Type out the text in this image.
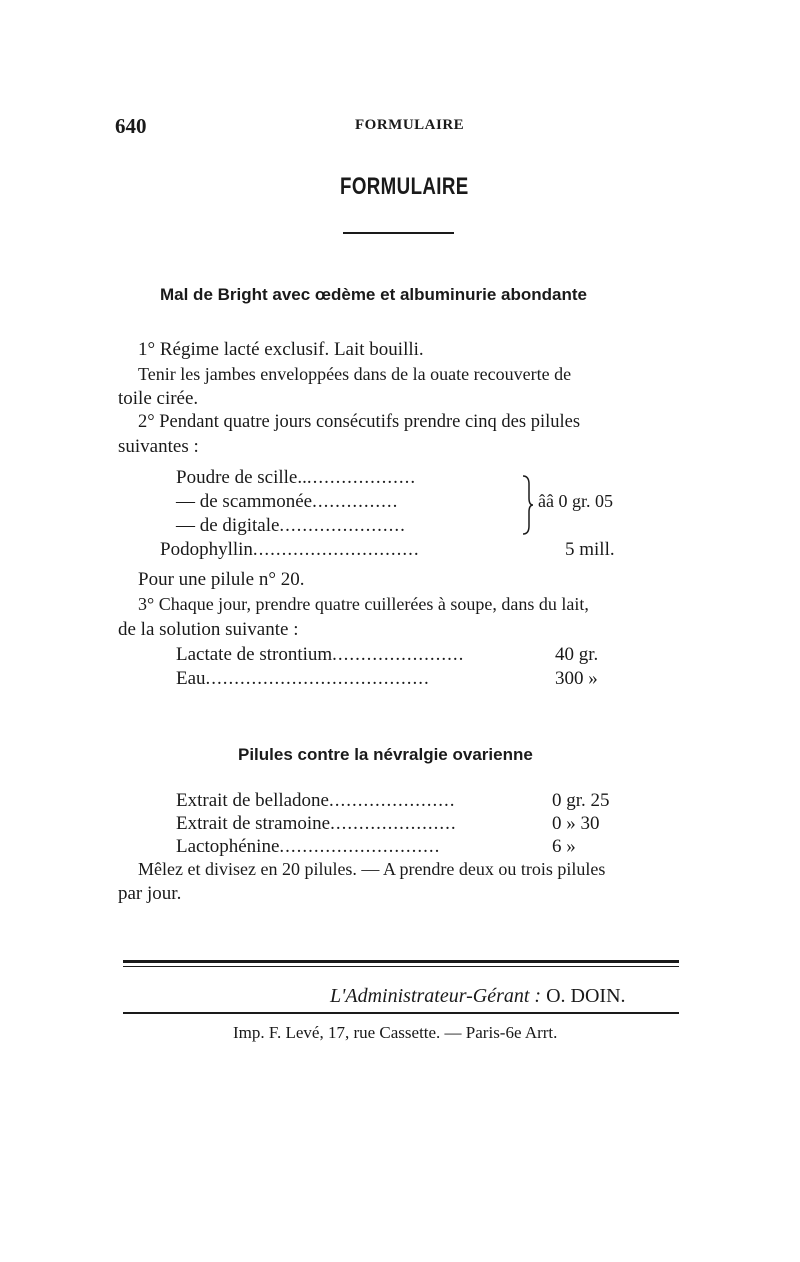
640	FORMULAIRE
FORMULAIRE
Mal de Bright avec œdème et albuminurie abondante
1° Régime lacté exclusif. Lait bouilli.
Tenir les jambes enveloppées dans de la ouate recouverte de
toile cirée.
2° Pendant quatre jours consécutifs prendre cinq des pilules
suivantes :
Poudre de scille.....................
— de scammonée...............
— de digitale......................
ââ 0 gr. 05
Podophyllin.............................	5 mill.
Pour une pilule n° 20.
3° Chaque jour, prendre quatre cuillerées à soupe, dans du lait,
de la solution suivante :
Lactate de strontium.......................	40 gr.
Eau.......................................	300 »
Pilules contre la névralgie ovarienne
Extrait de belladone......................	0 gr. 25
Extrait de stramoine......................	0 » 30
Lactophénine............................	6 »
Mêlez et divisez en 20 pilules. — A prendre deux ou trois pilules
par jour.
L'Administrateur-Gérant : O. DOIN.
Imp. F. Levé, 17, rue Cassette. — Paris-6e Arrt.
